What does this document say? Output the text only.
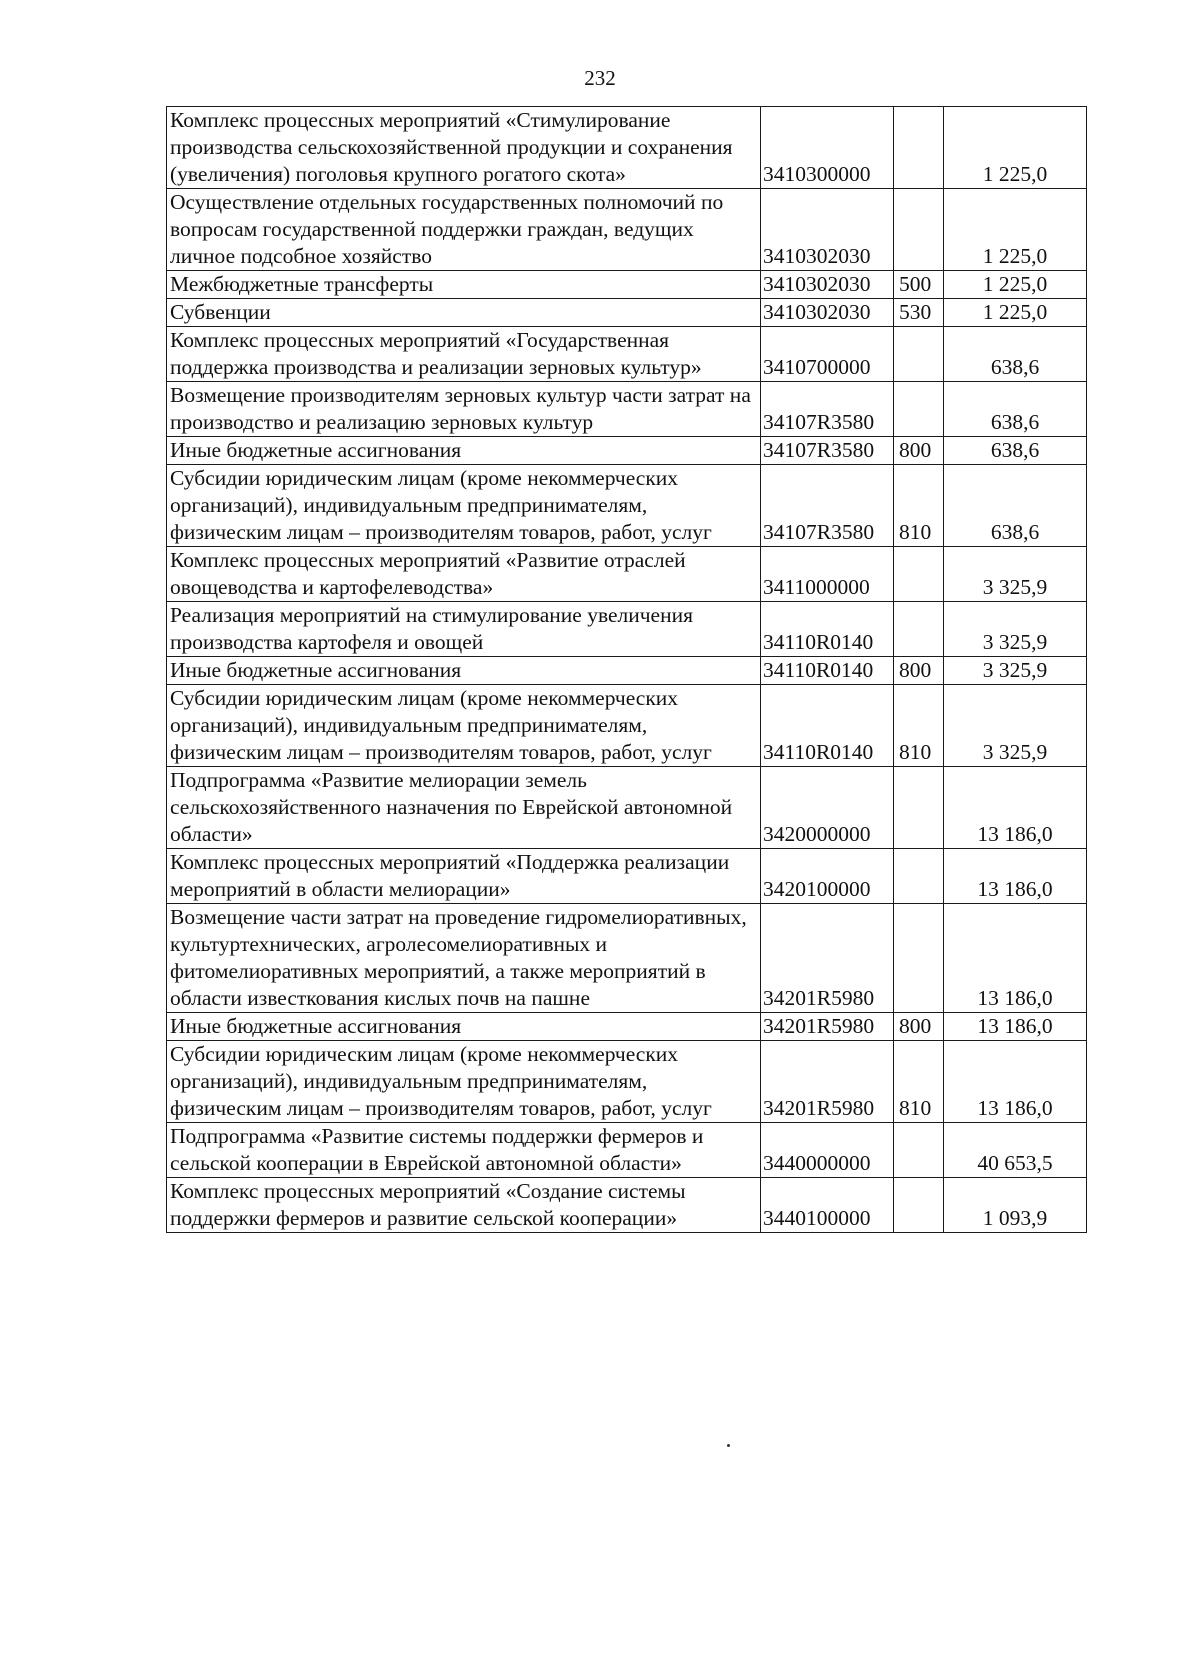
232
Комплекс процессных мероприятий «Стимулирование производства сельскохозяйственной продукции и сохранения (увеличения) поголовья крупного рогатого скота»	3410300000		1 225,0
Осуществление отдельных государственных полномочий по вопросам государственной поддержки граждан, ведущих личное подсобное хозяйство	3410302030		1 225,0
Межбюджетные трансферты	3410302030	500	1 225,0
Субвенции	3410302030	530	1 225,0
Комплекс процессных мероприятий «Государственная поддержка производства и реализации зерновых культур»	3410700000		638,6
Возмещение производителям зерновых культур части затрат на производство и реализацию зерновых культур	34107R3580		638,6
Иные бюджетные ассигнования	34107R3580	800	638,6
Субсидии юридическим лицам (кроме некоммерческих организаций), индивидуальным предпринимателям, физическим лицам – производителям товаров, работ, услуг	34107R3580	810	638,6
Комплекс процессных мероприятий «Развитие отраслей овощеводства и картофелеводства»	3411000000		3 325,9
Реализация мероприятий на стимулирование увеличения производства картофеля и овощей	34110R0140		3 325,9
Иные бюджетные ассигнования	34110R0140	800	3 325,9
Субсидии юридическим лицам (кроме некоммерческих организаций), индивидуальным предпринимателям, физическим лицам – производителям товаров, работ, услуг	34110R0140	810	3 325,9
Подпрограмма «Развитие мелиорации земель сельскохозяйственного назначения по Еврейской автономной области»	3420000000		13 186,0
Комплекс процессных мероприятий «Поддержка реализации мероприятий в области мелиорации»	3420100000		13 186,0
Возмещение части затрат на проведение гидромелиоративных, культуртехнических, агролесомелиоративных и фитомелиоративных мероприятий, а также мероприятий в области известкования кислых почв на пашне	34201R5980		13 186,0
Иные бюджетные ассигнования	34201R5980	800	13 186,0
Субсидии юридическим лицам (кроме некоммерческих организаций), индивидуальным предпринимателям, физическим лицам – производителям товаров, работ, услуг	34201R5980	810	13 186,0
Подпрограмма «Развитие системы поддержки фермеров и сельской кооперации в Еврейской автономной области»	3440000000		40 653,5
Комплекс процессных мероприятий «Создание системы поддержки фермеров и развитие сельской кооперации»	3440100000		1 093,9
